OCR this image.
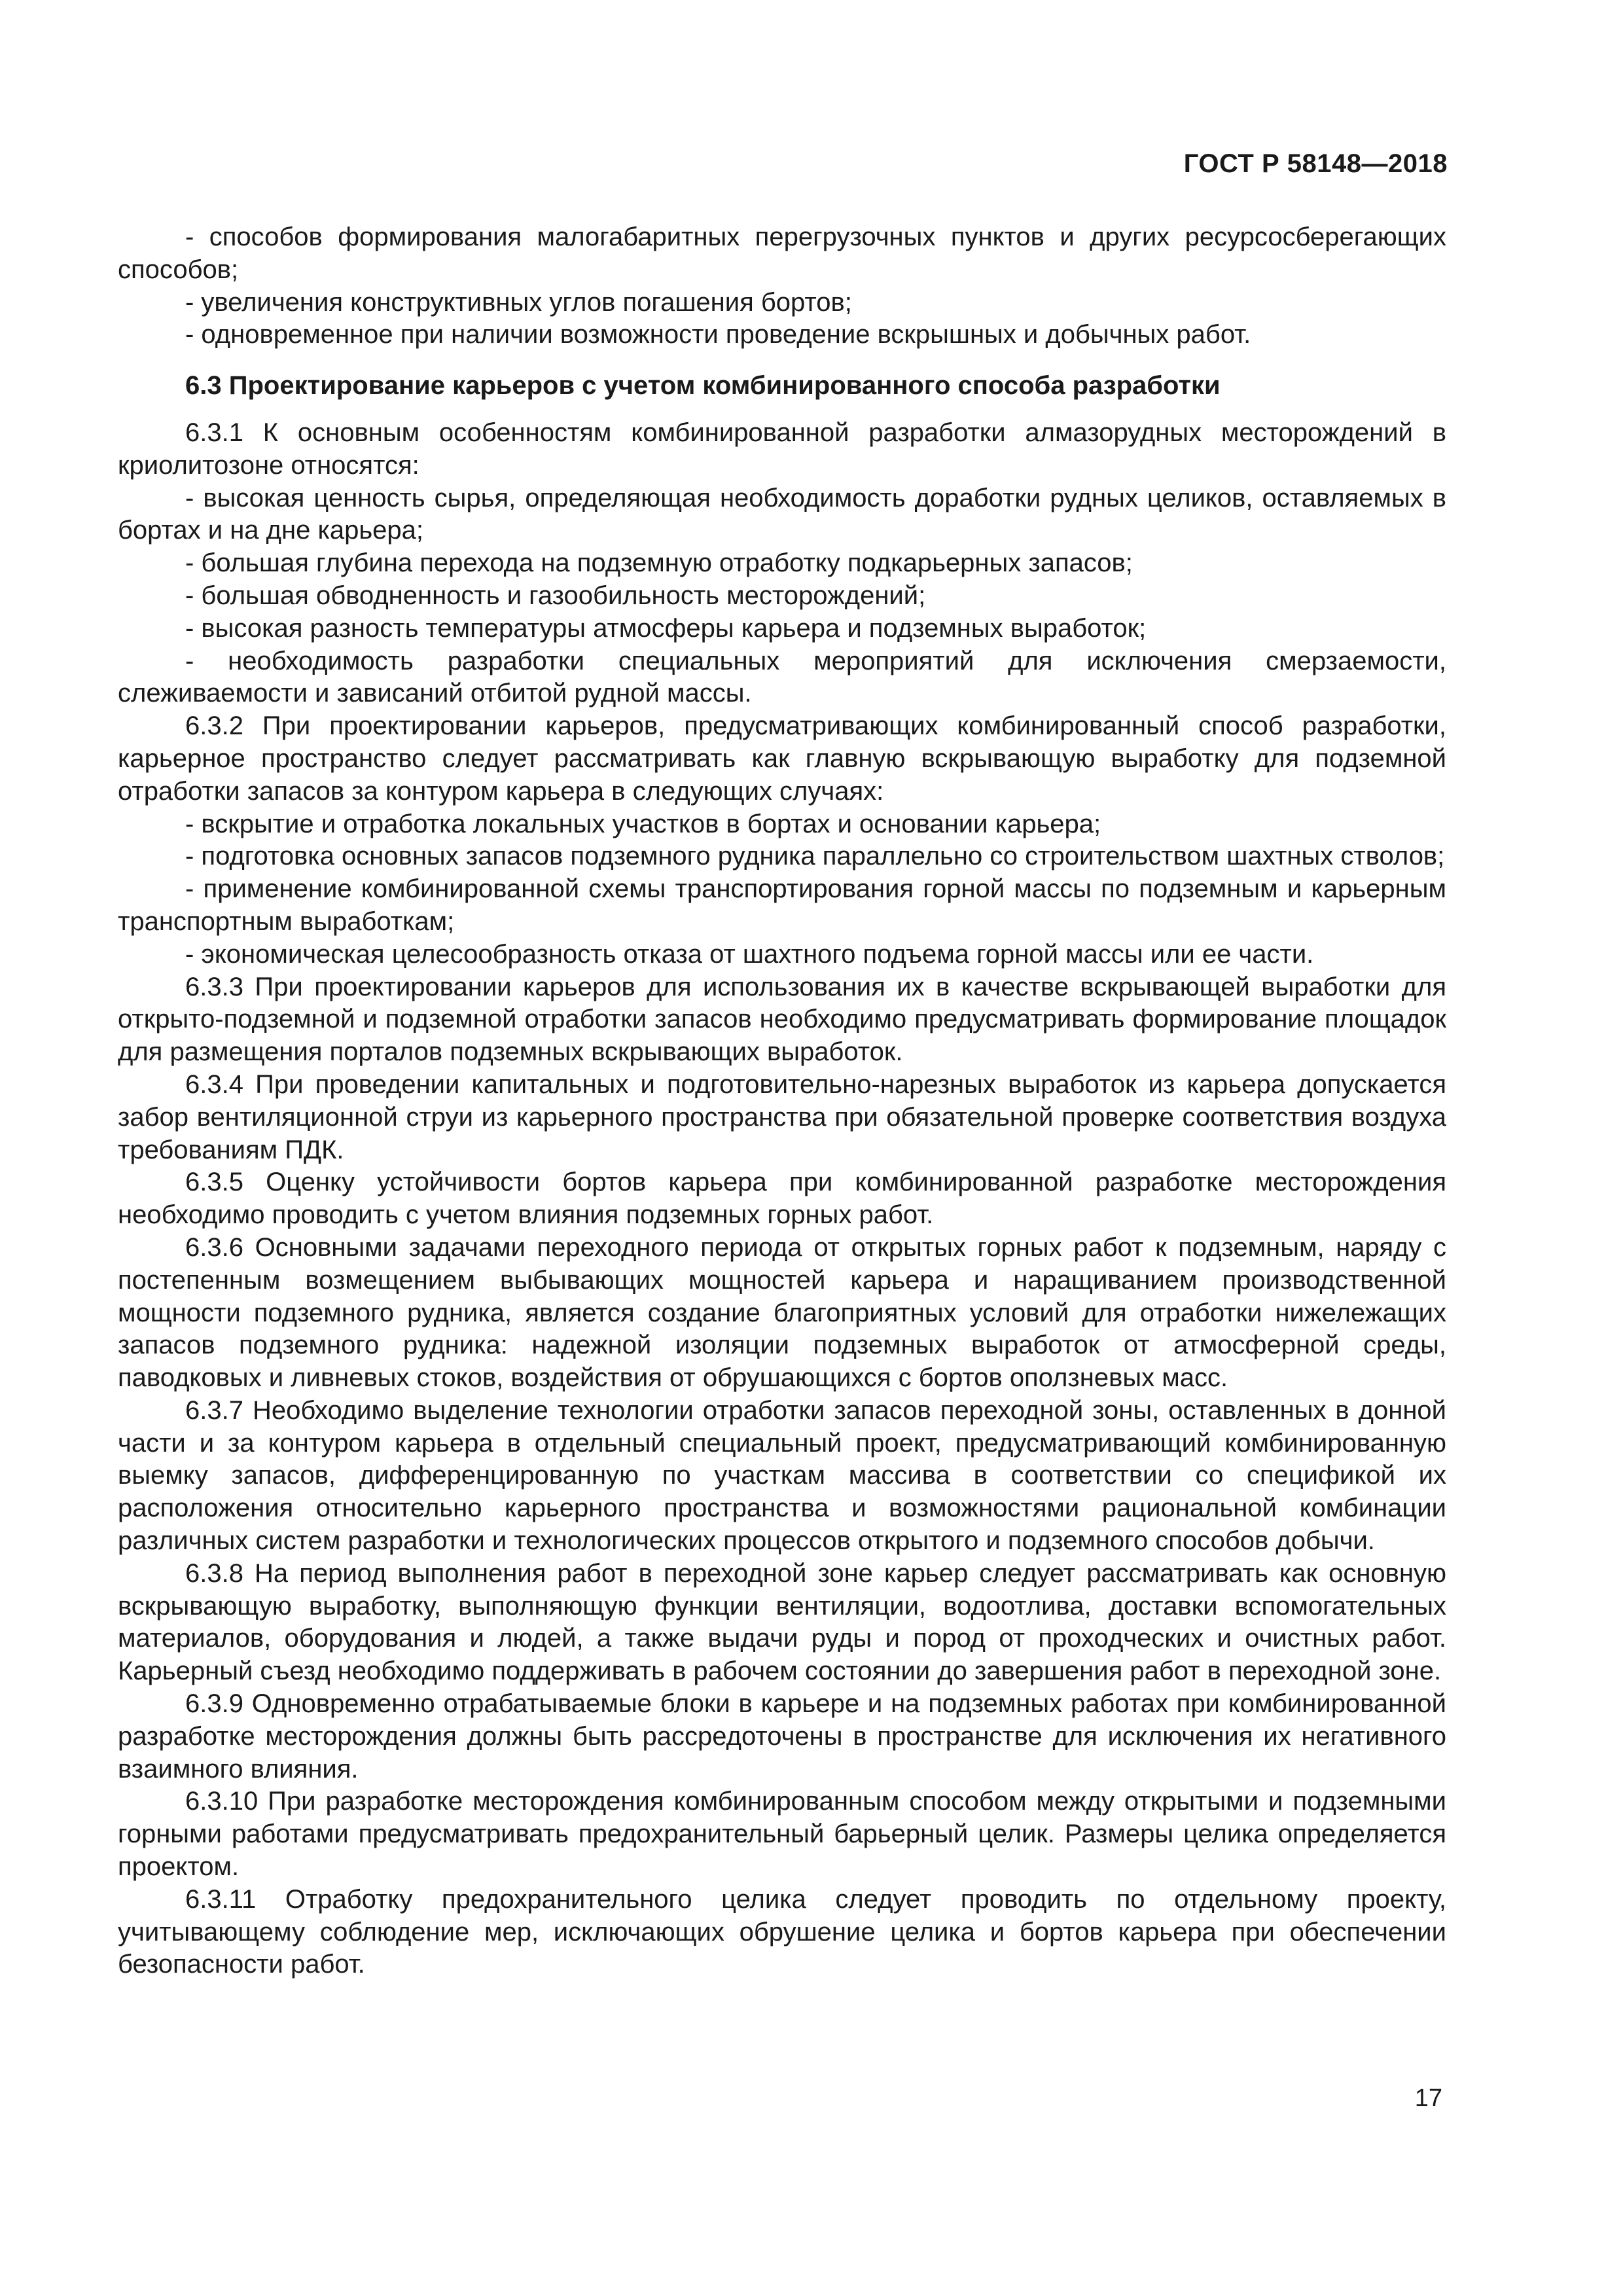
ГОСТ Р 58148—2018

- способов формирования малогабаритных перегрузочных пунктов и других ресурсосберегающих способов;

- увеличения конструктивных углов погашения бортов;

- одновременное при наличии возможности проведение вскрышных и добычных работ.

6.3 Проектирование карьеров с учетом комбинированного способа разработки

6.3.1 К основным особенностям комбинированной разработки алмазорудных месторождений в криолитозоне относятся:

- высокая ценность сырья, определяющая необходимость доработки рудных целиков, оставляемых в бортах и на дне карьера;

- большая глубина перехода на подземную отработку подкарьерных запасов;

- большая обводненность и газообильность месторождений;

- высокая разность температуры атмосферы карьера и подземных выработок;

- необходимость разработки специальных мероприятий для исключения смерзаемости, слеживаемости и зависаний отбитой рудной массы.

6.3.2 При проектировании карьеров, предусматривающих комбинированный способ разработки, карьерное пространство следует рассматривать как главную вскрывающую выработку для подземной отработки запасов за контуром карьера в следующих случаях:

- вскрытие и отработка локальных участков в бортах и основании карьера;

- подготовка основных запасов подземного рудника параллельно со строительством шахтных стволов;

- применение комбинированной схемы транспортирования горной массы по подземным и карьерным транспортным выработкам;

- экономическая целесообразность отказа от шахтного подъема горной массы или ее части.

6.3.3 При проектировании карьеров для использования их в качестве вскрывающей выработки для открыто-подземной и подземной отработки запасов необходимо предусматривать формирование площадок для размещения порталов подземных вскрывающих выработок.

6.3.4 При проведении капитальных и подготовительно-нарезных выработок из карьера допускается забор вентиляционной струи из карьерного пространства при обязательной проверке соответствия воздуха требованиям ПДК.

6.3.5 Оценку устойчивости бортов карьера при комбинированной разработке месторождения необходимо проводить с учетом влияния подземных горных работ.

6.3.6 Основными задачами переходного периода от открытых горных работ к подземным, наряду с постепенным возмещением выбывающих мощностей карьера и наращиванием производственной мощности подземного рудника, является создание благоприятных условий для отработки нижележащих запасов подземного рудника: надежной изоляции подземных выработок от атмосферной среды, паводковых и ливневых стоков, воздействия от обрушающихся с бортов оползневых масс.

6.3.7 Необходимо выделение технологии отработки запасов переходной зоны, оставленных в донной части и за контуром карьера в отдельный специальный проект, предусматривающий комбинированную выемку запасов, дифференцированную по участкам массива в соответствии со спецификой их расположения относительно карьерного пространства и возможностями рациональной комбинации различных систем разработки и технологических процессов открытого и подземного способов добычи.

6.3.8 На период выполнения работ в переходной зоне карьер следует рассматривать как основную вскрывающую выработку, выполняющую функции вентиляции, водоотлива, доставки вспомогательных материалов, оборудования и людей, а также выдачи руды и пород от проходческих и очистных работ. Карьерный съезд необходимо поддерживать в рабочем состоянии до завершения работ в переходной зоне.

6.3.9 Одновременно отрабатываемые блоки в карьере и на подземных работах при комбинированной разработке месторождения должны быть рассредоточены в пространстве для исключения их негативного взаимного влияния.

6.3.10 При разработке месторождения комбинированным способом между открытыми и подземными горными работами предусматривать предохранительный барьерный целик. Размеры целика определяется проектом.

6.3.11 Отработку предохранительного целика следует проводить по отдельному проекту, учитывающему соблюдение мер, исключающих обрушение целика и бортов карьера при обеспечении безопасности работ.

17
